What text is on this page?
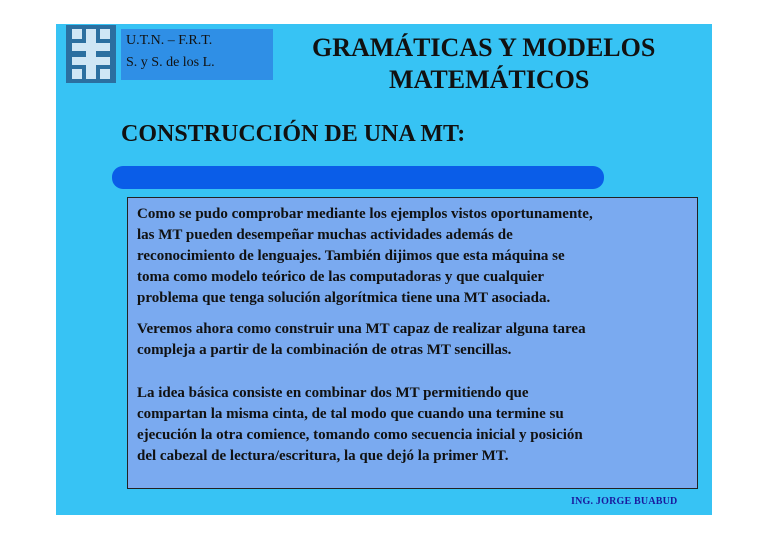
U.T.N. – F.R.T.
S. y S. de los L.
GRAMÁTICAS Y MODELOS
MATEMÁTICOS
CONSTRUCCIÓN DE UNA MT:

Como se pudo comprobar mediante los ejemplos vistos oportunamente,
las MT pueden desempeñar muchas actividades además de
reconocimiento de lenguajes. También dijimos que esta máquina se
toma como modelo teórico de las computadoras y que cualquier
problema que tenga solución algorítmica tiene una MT asociada.

Veremos ahora como construir una MT capaz de realizar alguna tarea
compleja a partir de la combinación de otras MT sencillas.

La idea básica consiste en combinar dos MT permitiendo que
compartan la misma cinta, de tal modo que cuando una termine su
ejecución la otra comience, tomando como secuencia inicial y posición
del cabezal de lectura/escritura, la que dejó la primer MT.

ING. JORGE BUABUD
